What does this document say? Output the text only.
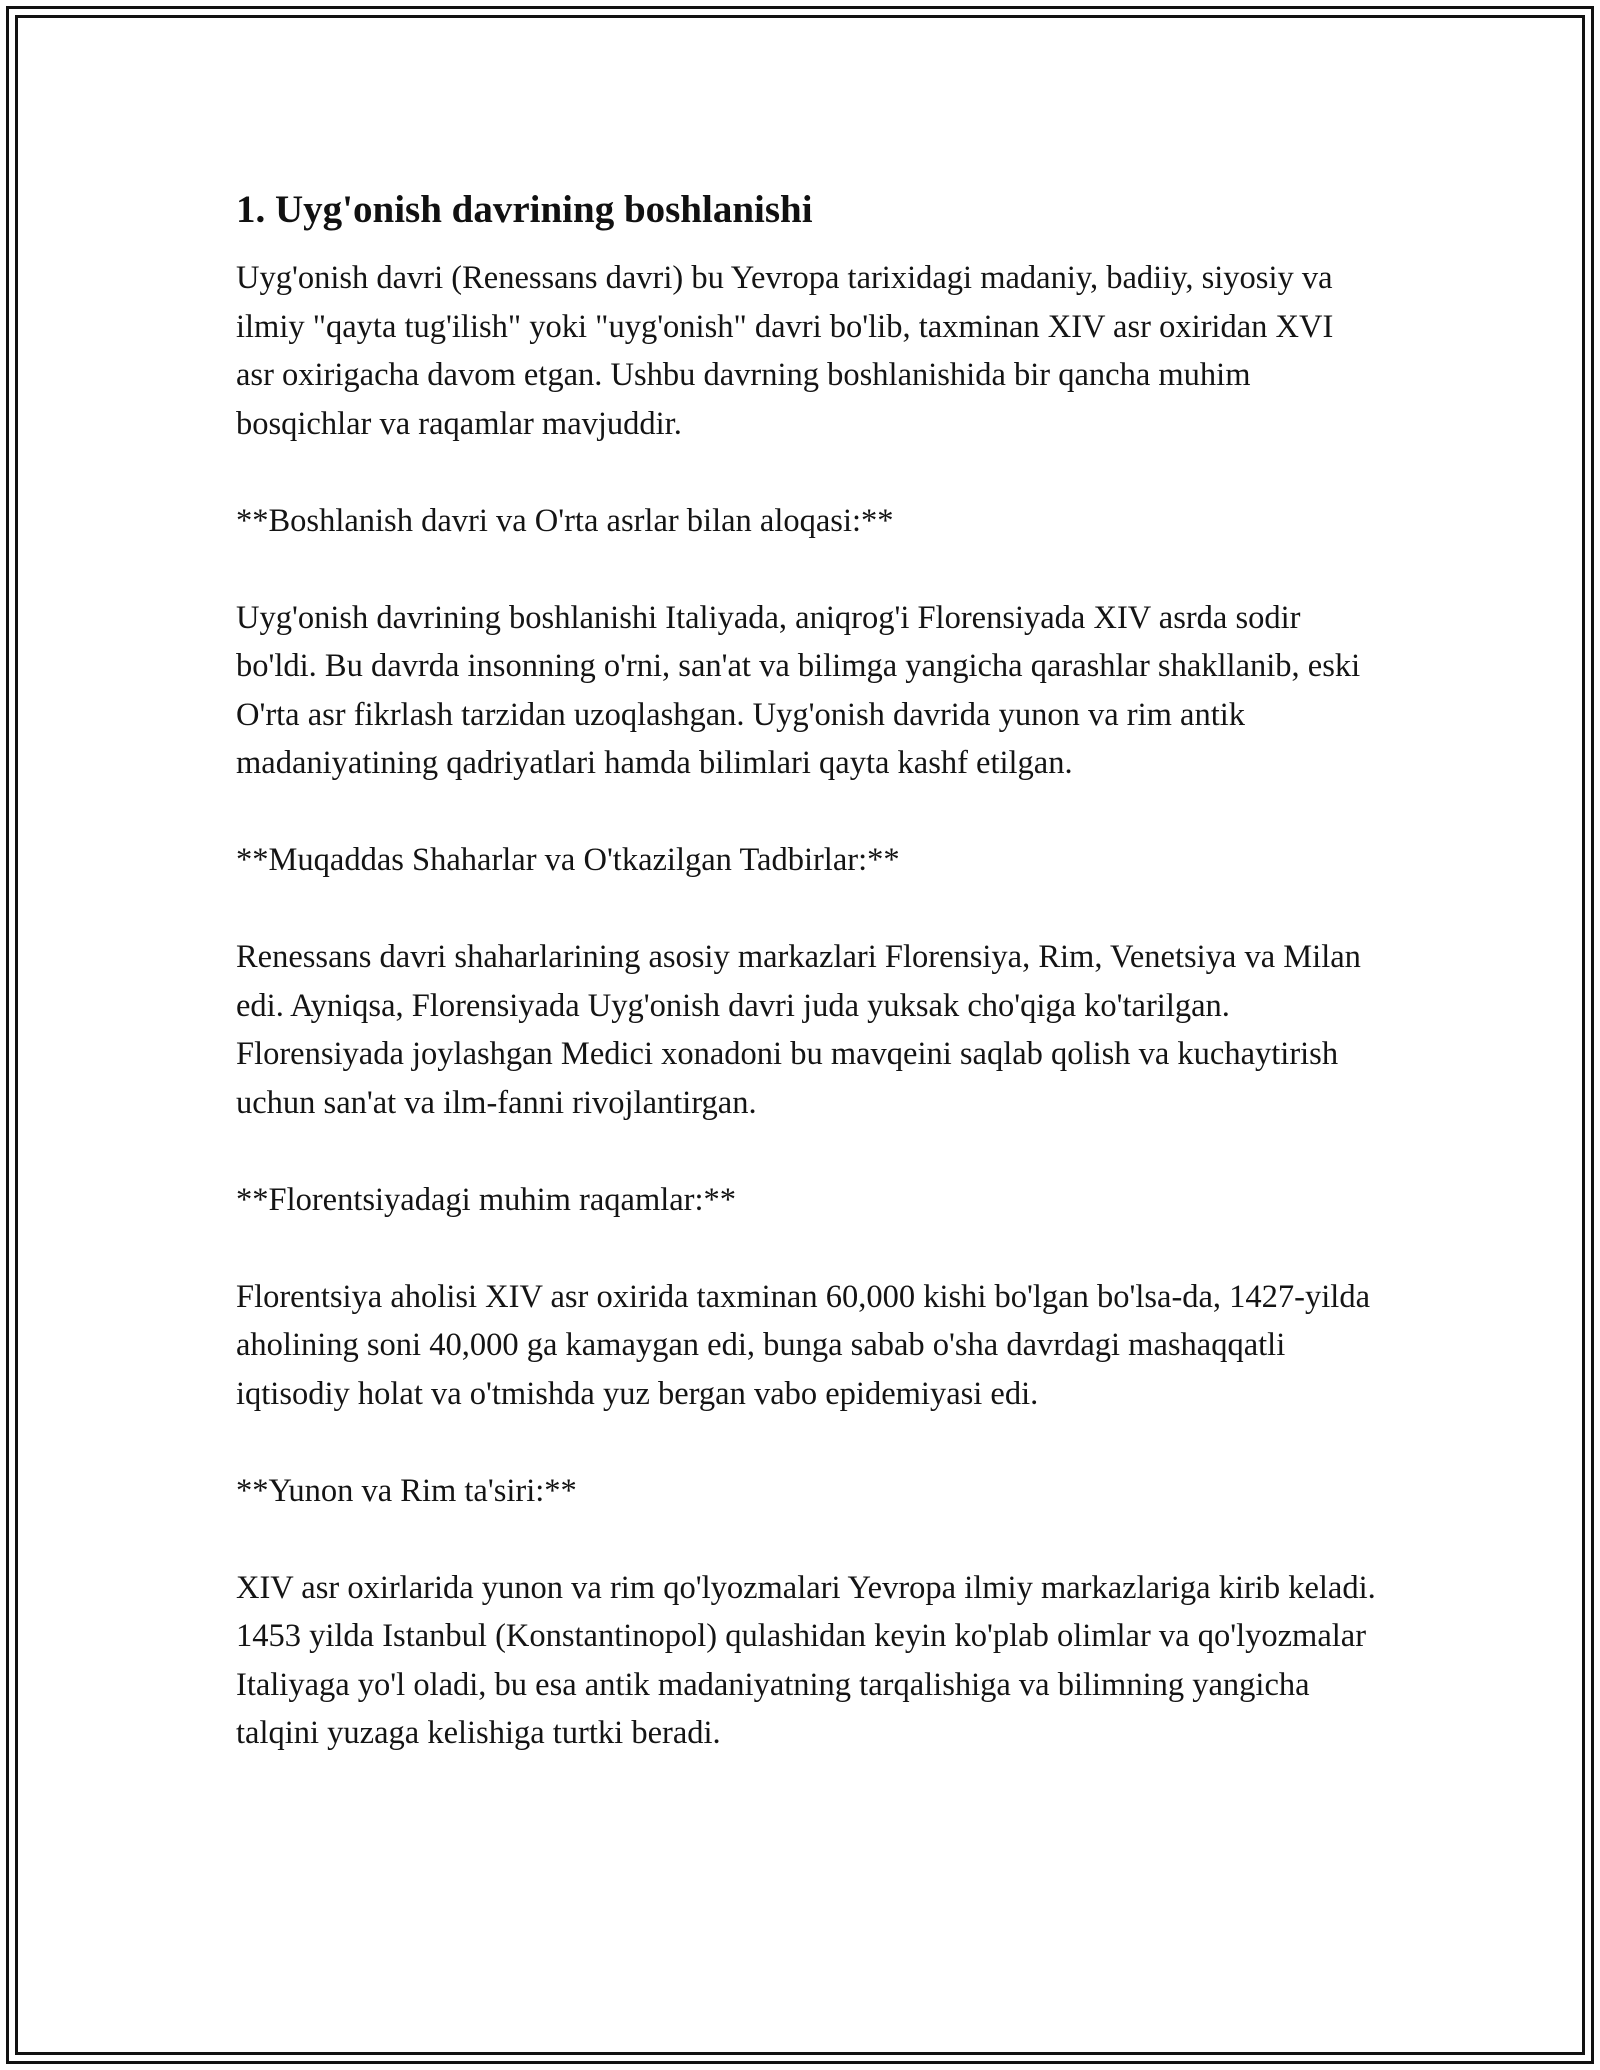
1. Uyg'onish davrining boshlanishi

Uyg'onish davri (Renessans davri) bu Yevropa tarixidagi madaniy, badiiy, siyosiy va ilmiy "qayta tug'ilish" yoki "uyg'onish" davri bo'lib, taxminan XIV asr oxiridan XVI asr oxirigacha davom etgan. Ushbu davrning boshlanishida bir qancha muhim bosqichlar va raqamlar mavjuddir.

**Boshlanish davri va O'rta asrlar bilan aloqasi:**

Uyg'onish davrining boshlanishi Italiyada, aniqrog'i Florensiyada XIV asrda sodir bo'ldi. Bu davrda insonning o'rni, san'at va bilimga yangicha qarashlar shakllanib, eski O'rta asr fikrlash tarzidan uzoqlashgan. Uyg'onish davrida yunon va rim antik madaniyatining qadriyatlari hamda bilimlari qayta kashf etilgan.

**Muqaddas Shaharlar va O'tkazilgan Tadbirlar:**

Renessans davri shaharlarining asosiy markazlari Florensiya, Rim, Venetsiya va Milan edi. Ayniqsa, Florensiyada Uyg'onish davri juda yuksak cho'qiga ko'tarilgan. Florensiyada joylashgan Medici xonadoni bu mavqeini saqlab qolish va kuchaytirish uchun san'at va ilm-fanni rivojlantirgan.

**Florentsiyadagi muhim raqamlar:**

Florentsiya aholisi XIV asr oxirida taxminan 60,000 kishi bo'lgan bo'lsa-da, 1427-yilda aholining soni 40,000 ga kamaygan edi, bunga sabab o'sha davrdagi mashaqqatli iqtisodiy holat va o'tmishda yuz bergan vabo epidemiyasi edi.

**Yunon va Rim ta'siri:**

XIV asr oxirlarida yunon va rim qo'lyozmalari Yevropa ilmiy markazlariga kirib keladi. 1453 yilda Istanbul (Konstantinopol) qulashidan keyin ko'plab olimlar va qo'lyozmalar Italiyaga yo'l oladi, bu esa antik madaniyatning tarqalishiga va bilimning yangicha talqini yuzaga kelishiga turtki beradi.
